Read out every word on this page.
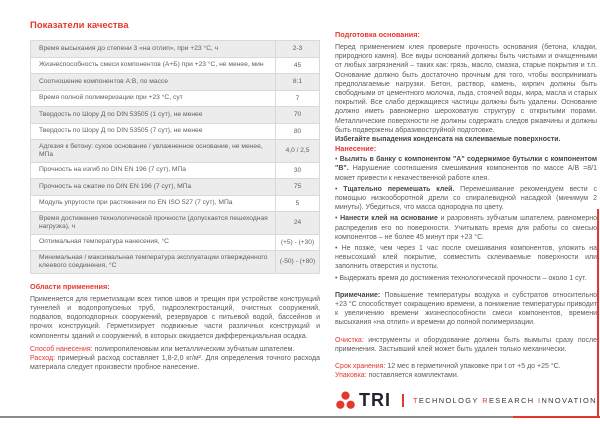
Показатели качества
Время высыхания до степени 3 «на отлип», при +23 °C, ч	2-3
Жизнеспособность смеси компонентов (А+Б) при +23 °C, не менее, мин	45
Соотношение компонентов А:В, по массе	8:1
Время полной полимеризации при +23 °C, сут	7
Твердость по Шору Д по DIN 53505 (1 сут), не менее	70
Твердость по Шору Д по DIN 53505 (7 сут), не менее	80
Адгезия к бетону: сухое основание / увлажненное основание, не менее, МПа	4,0 / 2,5
Прочность на изгиб по DIN EN 196 (7 сут), МПа	30
Прочность на сжатие по DIN EN 196 (7 сут), МПа	75
Модуль упругости при растяжении по EN ISO 527 (7 сут), МПа	5
Время достижения технологической прочности (допускается пешеходная нагрузка), ч	24
Оптимальная температура нанесения, °C	(+5) - (+30)
Минимальная / максимальная температура эксплуатации отвержденного клеевого соединения, °C	(-50) - (+80)
Области применения:

Применяется для герметизации всех типов швов и трещин при устройстве конструкций туннелей и водопропускных труб, гидроэлектростанций, очистных сооружений, подвалов, водоподпорных сооружений, резервуаров с питьевой водой, бассейнов и прочих конструкций. Герметизирует подвижные части различных конструкций и компоненты зданий и сооружений, в которых ожидается дифференциальная осадка.

Способ нанесения: полипропиленовым или металлическим зубчатым шпателем.
Расход: примерный расход составляет 1,8-2,0 кг/м². Для определения точного расхода материала следует произвести пробное нанесение.

Подготовка основания:

Перед применением клея проверьте прочность основания (бетона, кладки, природного камня). Все виды оснований должны быть чистыми и очищенными от любых загрязнений – таких как: грязь, масло, смазка, старые покрытия и т.п. Основание должно быть достаточно прочным для того, чтобы воспринимать предполагаемые нагрузки. Бетон, раствор, камень, кирпич должны быть свободными от цементного молочка, льда, стоячей воды, жира, масла и старых покрытий. Все слабо держащиеся частицы должны быть удалены. Основание должно иметь равномерно шероховатую структуру с открытыми порами. Металлические поверхности не должны содержать следов ржавчины и должны быть подвержены абразивоструйной подготовке.
Избегайте выпадения конденсата на склеиваемые поверхности.

Нанесение:

• Вылить в банку с компонентом "А" содержимое бутылки с компонентом "В". Нарушение соотношения смешивания компонентов по массе А/В =8/1 может привести к некачественной работе клея.

• Тщательно перемешать клей. Перемешивание рекомендуем вести с помощью низкооборотной дрели со спиралевидной насадкой (минимум 2 минуты). Убедиться, что масса однородна по цвету.

• Нанести клей на основание и разровнять зубчатым шпателем, равномерно распределив его по поверхности. Учитывать время для работы со смесью компонентов – не более 45 минут при +23 °C.

• Не позже, чем через 1 час после смешивания компонентов, уложить на невысохший клей покрытие, совместить склеиваемые поверхности или заполнить отверстия и пустоты.

• Выдержать время до достижения технологической прочности – около 1 сут.

Примечание: Повышение температуры воздуха и субстратов относительно +23 °C способствует сокращению времени, а понижение температуры приводит к увеличению времени жизнеспособности смеси компонентов, времени высыхания «на отлип» и времени до полной полимеризации.

Очистка: инструменты и оборудование должны быть вымыты сразу после применения. Застывший клей может быть удален только механически.

Срок хранения: 12 мес в герметичной упаковке при t от +5 до +25 °C.
Упаковка: поставляется комплектами.

TRI	TECHNOLOGY RESEARCH INNOVATION
